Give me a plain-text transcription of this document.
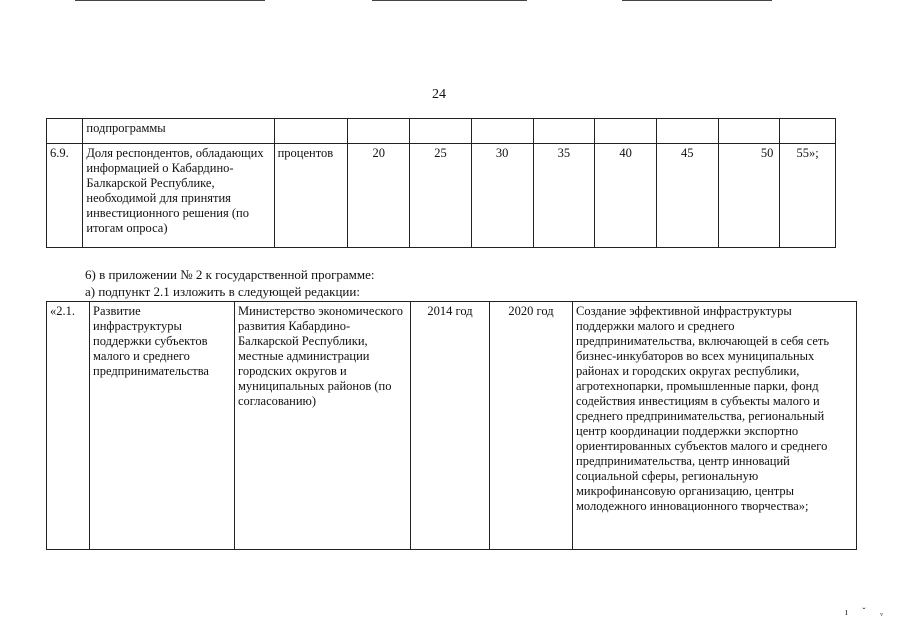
24
	подпрограммы									
6.9.	Доля респондентов, обладающих информацией о Кабардино-Балкарской Республике, необходимой для принятия инвестиционного решения (по итогам опроса)	процентов	20	25	30	35	40	45	50	55»;
6) в приложении № 2 к государственной программе:
а) подпункт 2.1 изложить в следующей редакции:
«2.1.	Развитие инфраструктуры поддержки субъектов малого и среднего предпринимательства	Министерство экономического развития Кабардино-Балкарской Республики, местные администрации городских округов и муниципальных районов (по согласованию)	2014 год	2020 год	Создание эффективной инфраструктуры поддержки малого и среднего предпринимательства, включающей в себя сеть бизнес-инкубаторов во всех муниципальных районах и городских округах республики, агротехнопарки, промышленные парки, фонд содействия инвестициям в субъекты малого и среднего предпринимательства, региональный центр координации поддержки экспортно ориентированных субъектов малого и среднего предпринимательства, центр инноваций социальной сферы, региональную микрофинансовую организацию, центры молодежного инновационного творчества»;
ı ˇ ᵥ
